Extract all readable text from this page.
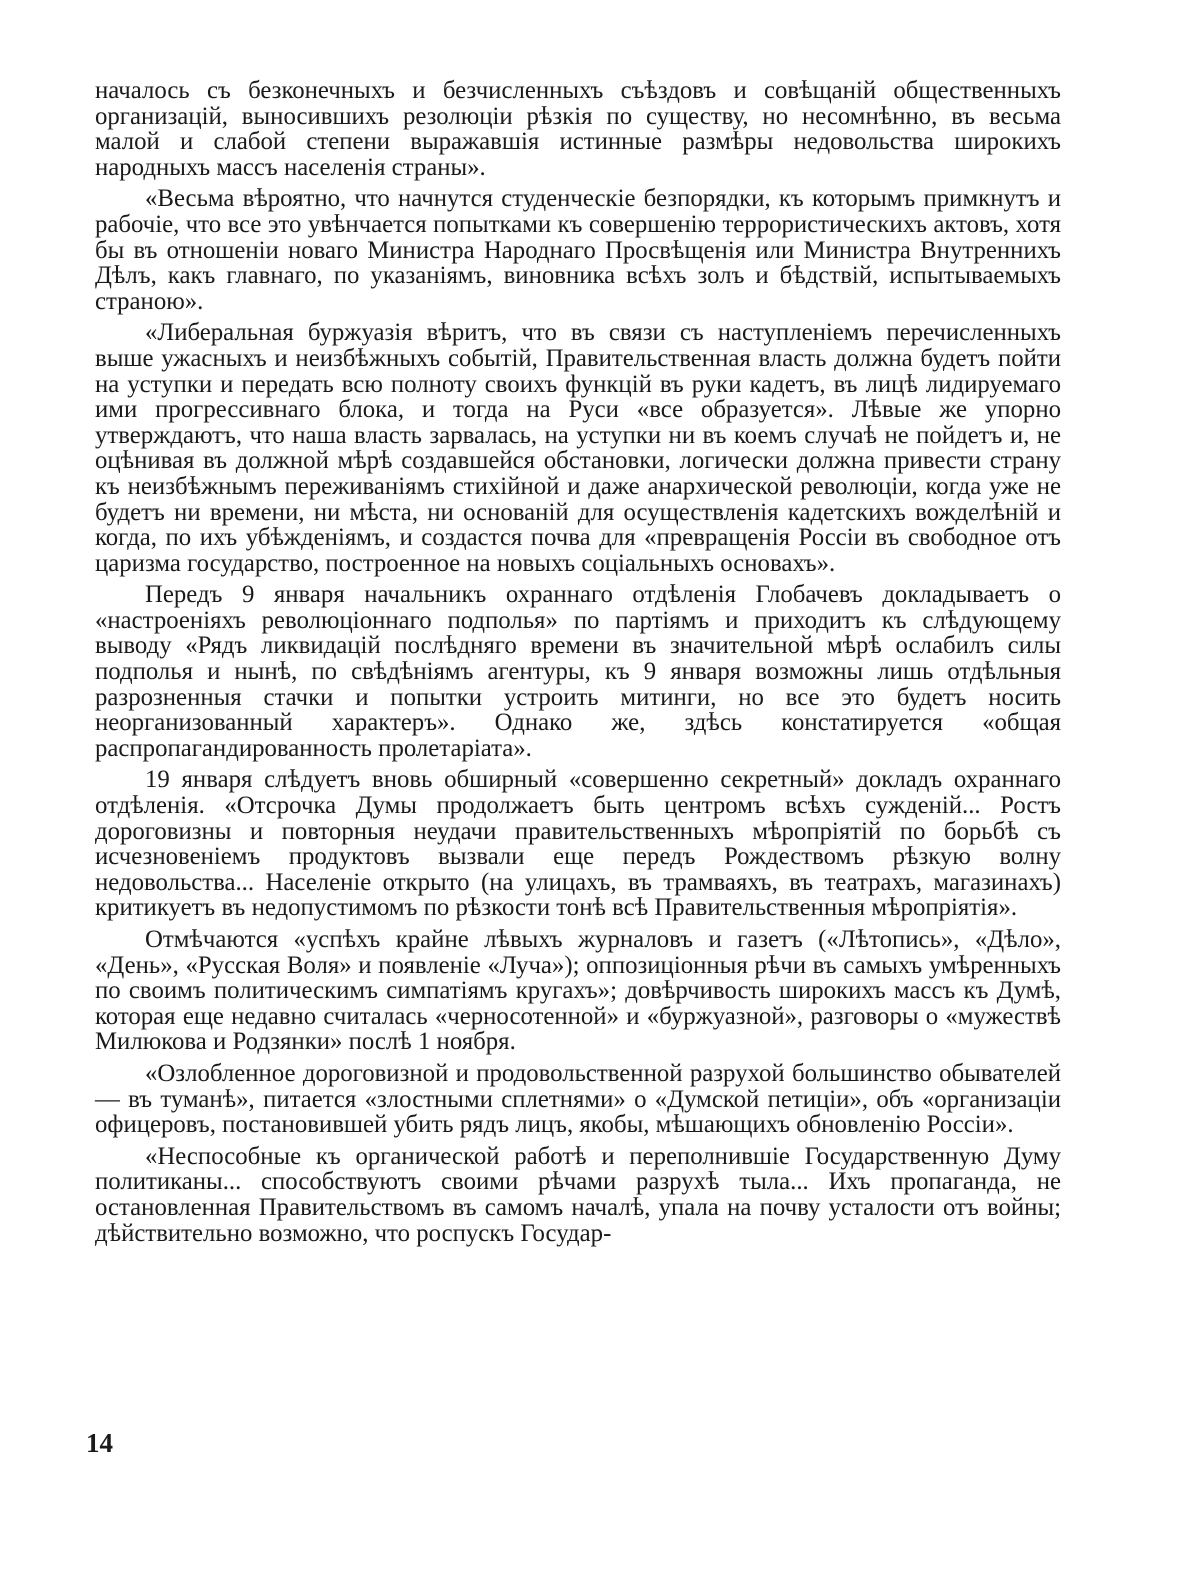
началось съ безконечныхъ и безчисленныхъ съѣздовъ и совѣщаній общественныхъ организацій, выносившихъ резолюціи рѣзкія по существу, но несомнѣнно, въ весьма малой и слабой степени выражавшія истинные размѣры недовольства широкихъ народныхъ массъ населенія страны».

«Весьма вѣроятно, что начнутся студенческіе безпорядки, къ которымъ примкнутъ и рабочіе, что все это увѣнчается попытками къ совершенію террористическихъ актовъ, хотя бы въ отношеніи новаго Министра Народнаго Просвѣщенія или Министра Внутреннихъ Дѣлъ, какъ главнаго, по указаніямъ, виновника всѣхъ золъ и бѣдствій, испытываемыхъ страною».

«Либеральная буржуазія вѣритъ, что въ связи съ наступленіемъ перечисленныхъ выше ужасныхъ и неизбѣжныхъ событій, Правительственная власть должна будетъ пойти на уступки и передать всю полноту своихъ функцій въ руки кадетъ, въ лицѣ лидируемаго ими прогрессивнаго блока, и тогда на Руси «все образуется». Лѣвые же упорно утверждаютъ, что наша власть зарвалась, на уступки ни въ коемъ случаѣ не пойдетъ и, не оцѣнивая въ должной мѣрѣ создавшейся обстановки, логически должна привести страну къ неизбѣжнымъ переживаніямъ стихійной и даже анархической революціи, когда уже не будетъ ни времени, ни мѣста, ни основаній для осуществленія кадетскихъ вожделѣній и когда, по ихъ убѣжденіямъ, и создастся почва для «превращенія Россіи въ свободное отъ царизма государство, построенное на новыхъ соціальныхъ основахъ».

Передъ 9 января начальникъ охраннаго отдѣленія Глобачевъ докладываетъ о «настроеніяхъ революціоннаго подполья» по партіямъ и приходитъ къ слѣдующему выводу «Рядъ ликвидацій послѣдняго времени въ значительной мѣрѣ ослабилъ силы подполья и нынѣ, по свѣдѣніямъ агентуры, къ 9 января возможны лишь отдѣльныя разрозненныя стачки и попытки устроить митинги, но все это будетъ носить неорганизованный характеръ». Однако же, здѣсь констатируется «общая распропагандированность пролетаріата».

19 января слѣдуетъ вновь обширный «совершенно секретный» докладъ охраннаго отдѣленія. «Отсрочка Думы продолжаетъ быть центромъ всѣхъ сужденій... Ростъ дороговизны и повторныя неудачи правительственныхъ мѣропріятій по борьбѣ съ исчезновеніемъ продуктовъ вызвали еще передъ Рождествомъ рѣзкую волну недовольства... Населеніе открыто (на улицахъ, въ трамваяхъ, въ театрахъ, магазинахъ) критикуетъ въ недопустимомъ по рѣзкости тонѣ всѣ Правительственныя мѣропріятія».

Отмѣчаются «успѣхъ крайне лѣвыхъ журналовъ и газетъ («Лѣтопись», «Дѣло», «День», «Русская Воля» и появленіе «Луча»); оппозиціонныя рѣчи въ самыхъ умѣренныхъ по своимъ политическимъ симпатіямъ кругахъ»; довѣрчивость широкихъ массъ къ Думѣ, которая еще недавно считалась «черносотенной» и «буржуазной», разговоры о «мужествѣ Милюкова и Родзянки» послѣ 1 ноября.

«Озлобленное дороговизной и продовольственной разрухой большинство обывателей — въ туманѣ», питается «злостными сплетнями» о «Думской петиціи», объ «организаціи офицеровъ, постановившей убить рядъ лицъ, якобы, мѣшающихъ обновленію Россіи».

«Неспособные къ органической работѣ и переполнившіе Государственную Думу политиканы... способствуютъ своими рѣчами разрухѣ тыла... Ихъ пропаганда, не остановленная Правительствомъ въ самомъ началѣ, упала на почву усталости отъ войны; дѣйствительно возможно, что роспускъ Государ-

14
